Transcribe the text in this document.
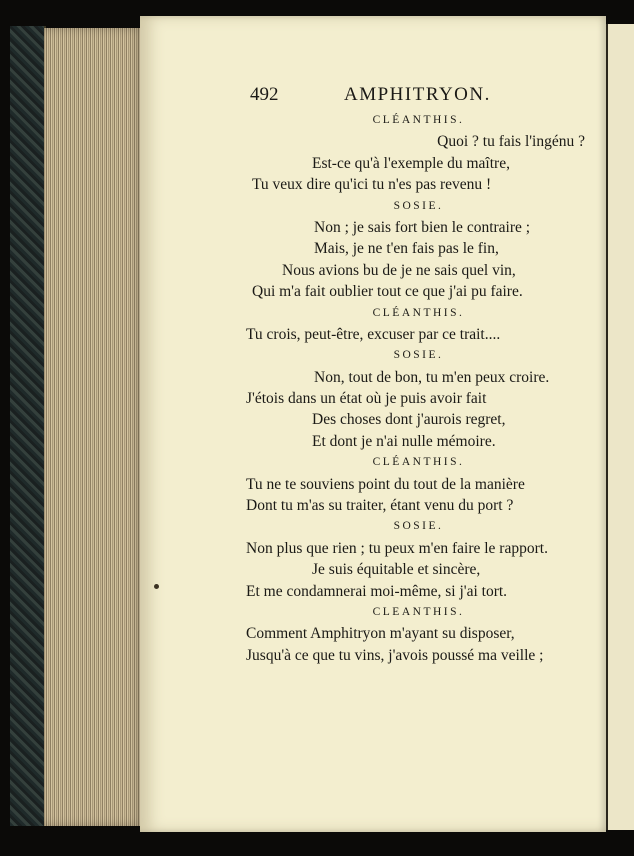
492	AMPHITRYON.
CLÉANTHIS.
Quoi ? tu fais l'ingénu ?
Est-ce qu'à l'exemple du maître,
Tu veux dire qu'ici tu n'es pas revenu !
SOSIE.
Non ; je sais fort bien le contraire ;
Mais, je ne t'en fais pas le fin,
Nous avions bu de je ne sais quel vin,
Qui m'a fait oublier tout ce que j'ai pu faire.
CLÉANTHIS.
Tu crois, peut-être, excuser par ce trait....
SOSIE.
Non, tout de bon, tu m'en peux croire.
J'étois dans un état où je puis avoir fait
Des choses dont j'aurois regret,
Et dont je n'ai nulle mémoire.
CLÉANTHIS.
Tu ne te souviens point du tout de la manière
Dont tu m'as su traiter, étant venu du port ?
SOSIE.
Non plus que rien ; tu peux m'en faire le rapport.
Je suis équitable et sincère,
Et me condamnerai moi-même, si j'ai tort.
CLEANTHIS.
Comment Amphitryon m'ayant su disposer,
Jusqu'à ce que tu vins, j'avois poussé ma veille ;
